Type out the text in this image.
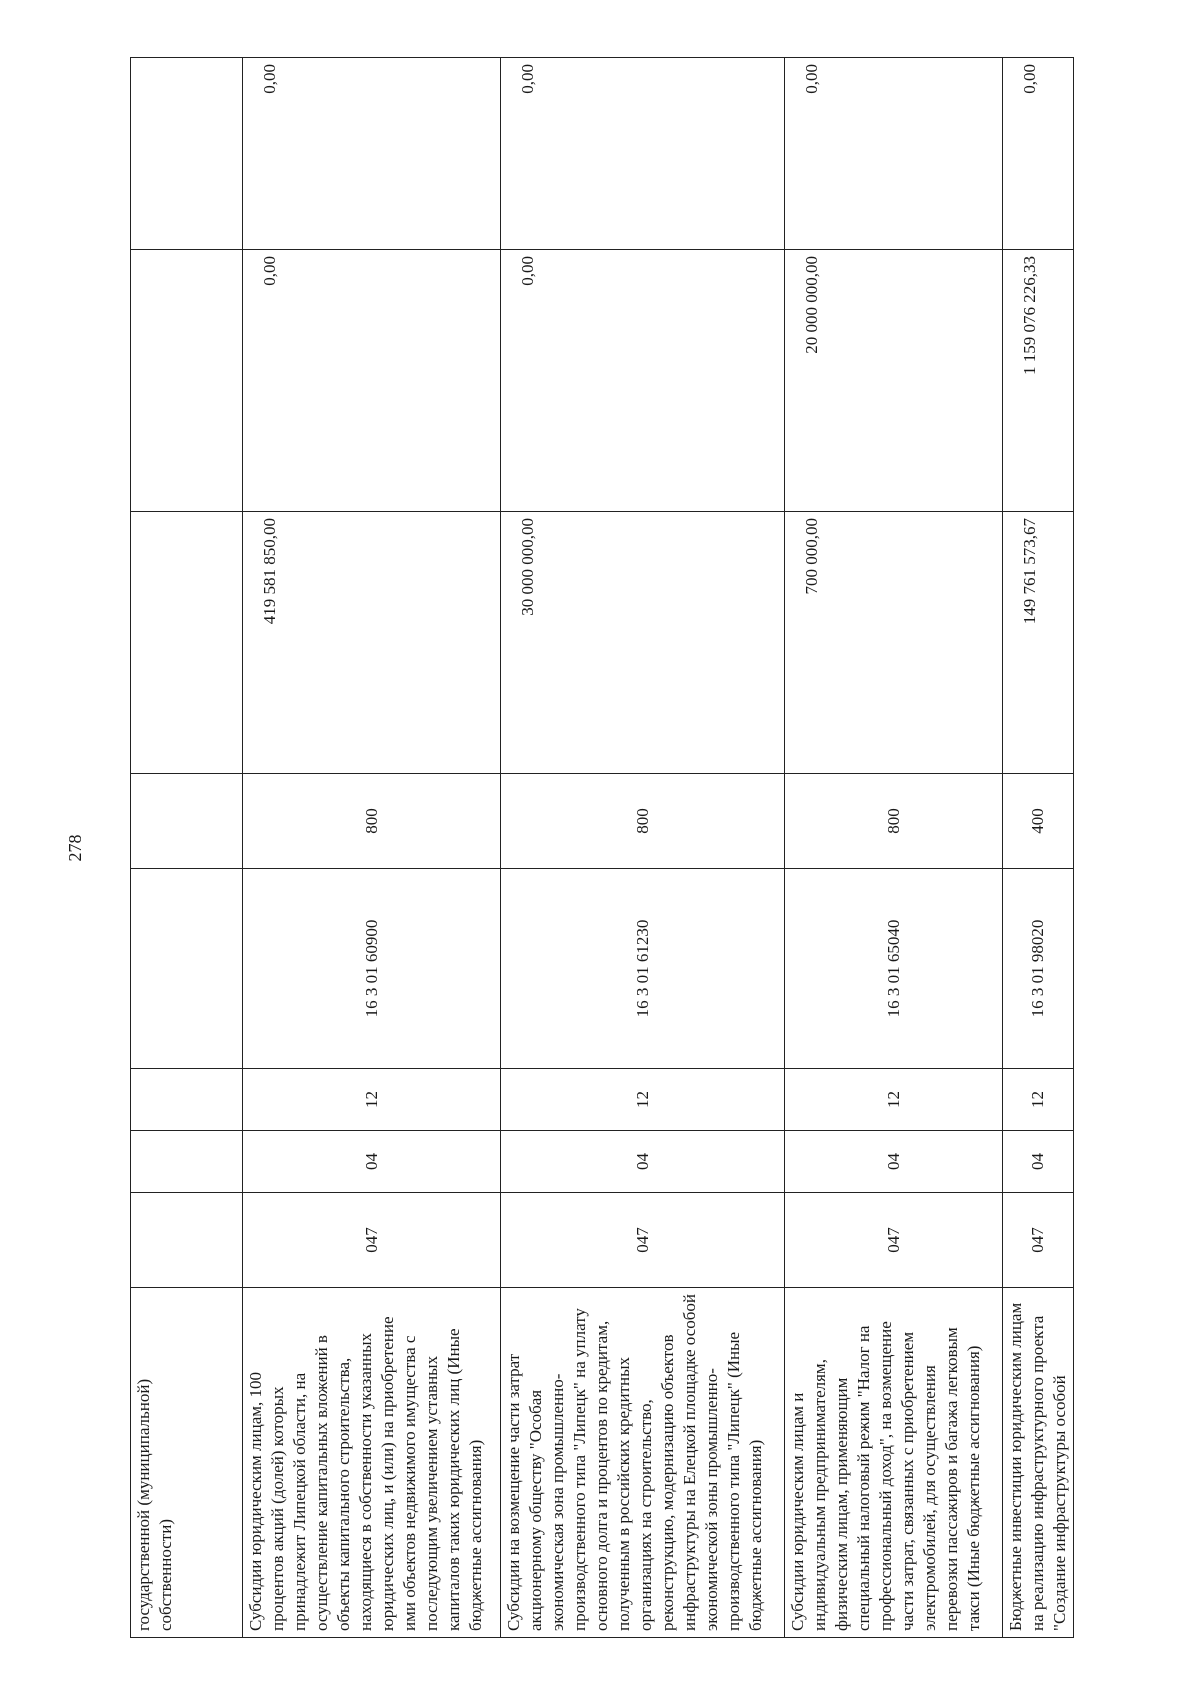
278
государственной (муниципальной) собственности)								
Субсидии юридическим лицам, 100 процентов акций (долей) которых принадлежит Липецкой области, на осуществление капитальных вложений в объекты капитального строительства, находящиеся в собственности указанных юридических лиц, и (или) на приобретение ими объектов недвижимого имущества с последующим увеличением уставных капиталов таких юридических лиц (Иные бюджетные ассигнования)	047	04	12	16 3 01 60900	800	419 581 850,00	0,00	0,00
Субсидии на возмещение части затрат акционерному обществу "Особая экономическая зона промышленно-производственного типа "Липецк" на уплату основного долга и процентов по кредитам, полученным в российских кредитных организациях на строительство, реконструкцию, модернизацию объектов инфраструктуры на Елецкой площадке особой экономической зоны промышленно-производственного типа "Липецк" (Иные бюджетные ассигнования)	047	04	12	16 3 01 61230	800	30 000 000,00	0,00	0,00
Субсидии юридическим лицам и индивидуальным предпринимателям, физическим лицам, применяющим специальный налоговый режим "Налог на профессиональный доход", на возмещение части затрат, связанных с приобретением электромобилей, для осуществления перевозки пассажиров и багажа легковым такси (Иные бюджетные ассигнования)	047	04	12	16 3 01 65040	800	700 000,00	20 000 000,00	0,00
Бюджетные инвестиции юридическим лицам на реализацию инфраструктурного проекта "Создание инфраструктуры особой	047	04	12	16 3 01 98020	400	149 761 573,67	1 159 076 226,33	0,00
